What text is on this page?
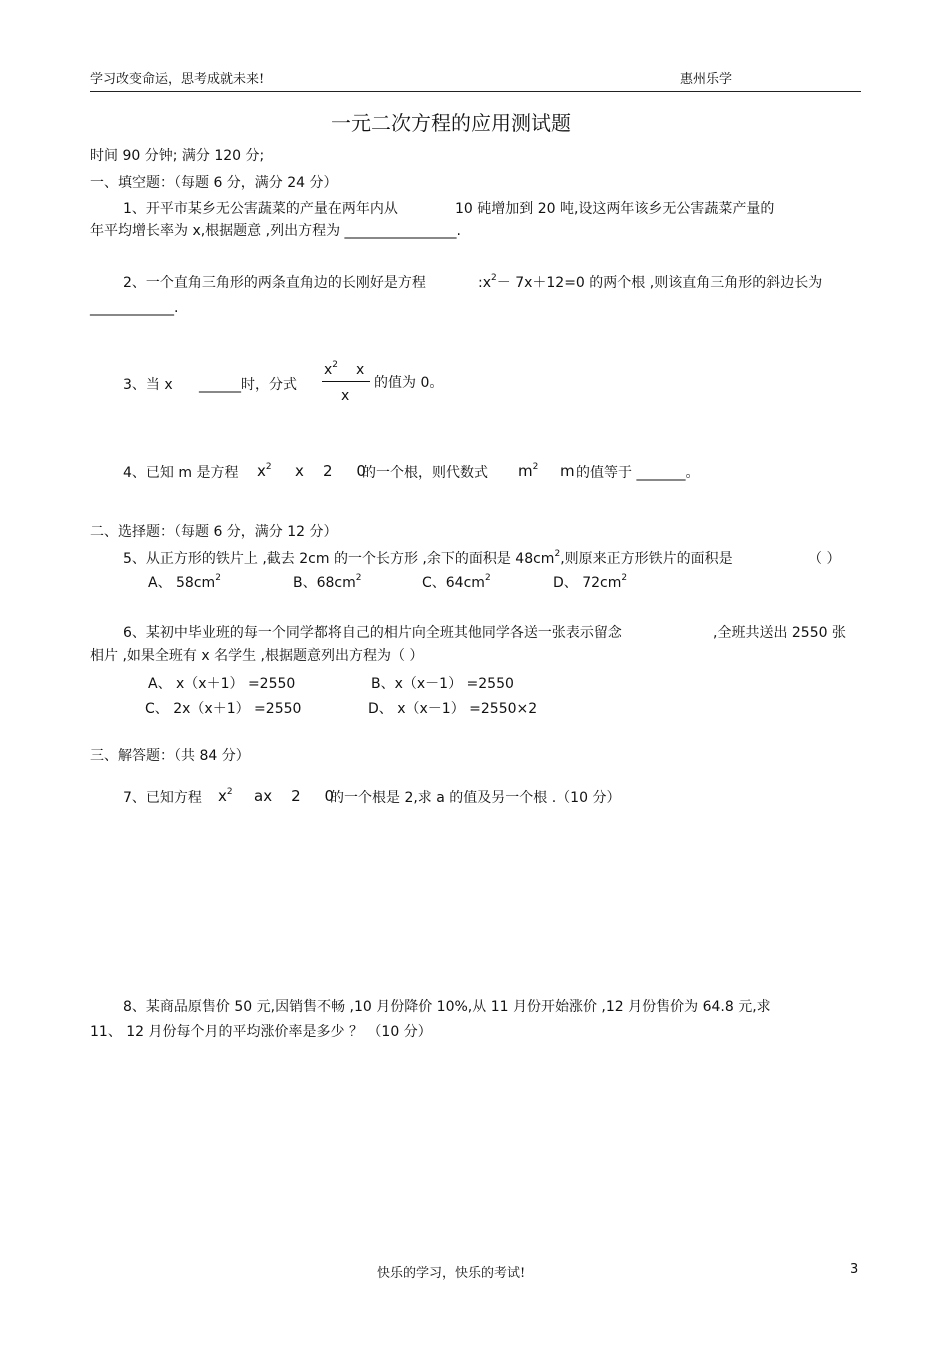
学习改变命运，思考成就未来!	惠州乐学
一元二次方程的应用测试题
时间 90 分钟; 满分 120 分;
一、填空题：（每题 6 分，满分 24 分）
1、开平市某乡无公害蔬菜的产量在两年内从	10 砘增加到 20 吨,设这两年该乡无公害蔬菜产量的
年平均增长率为 x,根据题意 ,列出方程为 ________________.
2、一个直角三角形的两条直角边的长刚好是方程	$:x^2- 7x+12=0$ 的两个根 ,则该直角三角形的斜边长为
____________.
3、当 x ______时，分式
$x^2$ x
x
的值为 0。
4、已知 m 是方程 $x^2$ x    2     0
的一个根，则代数式 $m^2$ m 的值等于 _______。
二、选择题：（每题 6 分，满分 12 分）
5、从正方形的铁片上 ,截去 2cm 的一个长方形 ,余下的面积是 $48cm^2$,则原来正方形铁片的面积是	（ ）
A、 $58cm^2$	B、$68cm^2$	C、$64cm^2$	D、 $72cm^2$
6、某初中毕业班的每一个同学都将自己的相片向全班其他同学各送一张表示留念	,全班共送出 2550 张
相片 ,如果全班有 x 名学生 ,根据题意列出方程为（ ）
A、 x（x＋1） =2550	B、x（x－1） =2550
C、 2x（x＋1） =2550	D、 x（x－1） =2550×2
三、解答题：（共 84 分）
7、已知方程 $x^2$ ax    2     0
的一个根是 2,求 a 的值及另一个根 .（10 分）
8、某商品原售价 50 元,因销售不畅 ,10 月份降价 10%,从 11 月份开始涨价 ,12 月份售价为 64.8 元,求
11、 12 月份每个月的平均涨价率是多少 ？ （10 分）
快乐的学习，快乐的考试!	3
